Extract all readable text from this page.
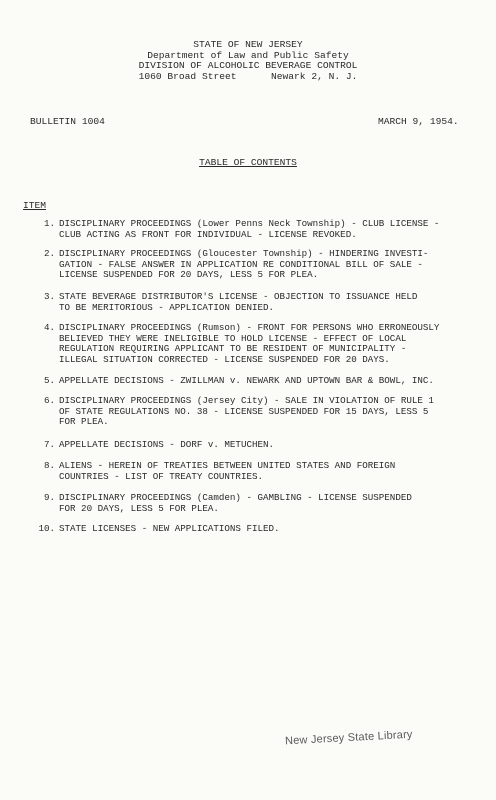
STATE OF NEW JERSEY
Department of Law and Public Safety
DIVISION OF ALCOHOLIC BEVERAGE CONTROL
1060 Broad Street      Newark 2, N. J.
BULLETIN 1004	MARCH 9, 1954.
TABLE OF CONTENTS
ITEM
1. DISCIPLINARY PROCEEDINGS (Lower Penns Neck Township) - CLUB LICENSE -
CLUB ACTING AS FRONT FOR INDIVIDUAL - LICENSE REVOKED.
2. DISCIPLINARY PROCEEDINGS (Gloucester Township) - HINDERING INVESTI-
GATION - FALSE ANSWER IN APPLICATION RE CONDITIONAL BILL OF SALE -
LICENSE SUSPENDED FOR 20 DAYS, LESS 5 FOR PLEA.
3. STATE BEVERAGE DISTRIBUTOR'S LICENSE - OBJECTION TO ISSUANCE HELD
TO BE MERITORIOUS - APPLICATION DENIED.
4. DISCIPLINARY PROCEEDINGS (Rumson) - FRONT FOR PERSONS WHO ERRONEOUSLY
BELIEVED THEY WERE INELIGIBLE TO HOLD LICENSE - EFFECT OF LOCAL
REGULATION REQUIRING APPLICANT TO BE RESIDENT OF MUNICIPALITY -
ILLEGAL SITUATION CORRECTED - LICENSE SUSPENDED FOR 20 DAYS.
5. APPELLATE DECISIONS - ZWILLMAN v. NEWARK AND UPTOWN BAR & BOWL, INC.
6. DISCIPLINARY PROCEEDINGS (Jersey City) - SALE IN VIOLATION OF RULE 1
OF STATE REGULATIONS NO. 38 - LICENSE SUSPENDED FOR 15 DAYS, LESS 5
FOR PLEA.
7. APPELLATE DECISIONS - DORF v. METUCHEN.
8. ALIENS - HEREIN OF TREATIES BETWEEN UNITED STATES AND FOREIGN
COUNTRIES - LIST OF TREATY COUNTRIES.
9. DISCIPLINARY PROCEEDINGS (Camden) - GAMBLING - LICENSE SUSPENDED
FOR 20 DAYS, LESS 5 FOR PLEA.
10. STATE LICENSES - NEW APPLICATIONS FILED.
New Jersey State Library
